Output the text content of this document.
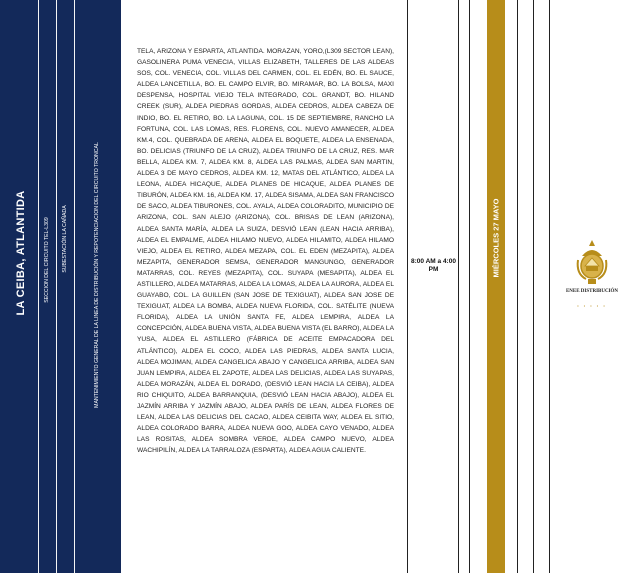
LA CEIBA, ATLANTIDA	SECCION DEL CIRCUITO TEL-L309 SUBESTACIÓN LA CAÑADA	MANTENIMIENTO GENERAL DE LA LINEA DE DISTRIBUCIÓN Y REPOTENCIACION DEL CIRCUITO TRONCAL
TELA, ARIZONA Y ESPARTA, ATLANTIDA. MORAZAN, YORO,(L309 SECTOR LEAN), GASOLINERA PUMA VENECIA, VILLAS ELIZABETH, TALLERES DE LAS ALDEAS SOS, COL. VENECIA, COL. VILLAS DEL CARMEN, COL. EL EDÉN, BO. EL SAUCE, ALDEA LANCETILLA, BO. EL CAMPO ELVIR, BO. MIRAMAR, BO. LA BOLSA, MAXI DESPENSA, HOSPITAL VIEJO TELA INTEGRADO, COL. GRANDT, BO. HILAND CREEK (SUR), ALDEA PIEDRAS GORDAS, ALDEA CEDROS, ALDEA CABEZA DE INDIO, BO. EL RETIRO, BO. LA LAGUNA, COL. 15 DE SEPTIEMBRE, RANCHO LA FORTUNA, COL. LAS LOMAS, RES. FLORENS, COL. NUEVO AMANECER, ALDEA KM.4, COL. QUEBRADA DE ARENA, ALDEA EL BOQUETE, ALDEA LA ENSENADA, BO. DELICIAS (TRIUNFO DE LA CRUZ), ALDEA TRIUNFO DE LA CRUZ, RES. MAR BELLA, ALDEA KM. 7, ALDEA KM. 8, ALDEA LAS PALMAS, ALDEA SAN MARTIN, ALDEA 3 DE MAYO CEDROS, ALDEA KM. 12, MATAS DEL ATLÁNTICO, ALDEA LA LEONA, ALDEA HICAQUE, ALDEA PLANES DE HICAQUE, ALDEA PLANES DE TIBURÓN, ALDEA KM. 16, ALDEA KM. 17, ALDEA SISAMA, ALDEA SAN FRANCISCO DE SACO, ALDEA TIBURONES, COL. AYALA, ALDEA COLORADITO, MUNICIPIO DE ARIZONA, COL. SAN ALEJO (ARIZONA), COL. BRISAS DE LEAN (ARIZONA), ALDEA SANTA MARÍA, ALDEA LA SUIZA, DESVIÓ LEAN (LEAN HACIA ARRIBA), ALDEA EL EMPALME, ALDEA HILAMO NUEVO, ALDEA HILAMITO, ALDEA HILAMO VIEJO, ALDEA EL RETIRO, ALDEA MEZAPA, COL. EL EDEN (MEZAPITA), ALDEA MEZAPITA, GENERADOR SEMSA, GENERADOR MANGUNGO, GENERADOR MATARRAS, COL. REYES (MEZAPITA), COL. SUYAPA (MESAPITA), ALDEA EL ASTILLERO, ALDEA MATARRAS, ALDEA LA LOMAS, ALDEA LA AURORA, ALDEA EL GUAYABO, COL. LA GUILLEN (SAN JOSE DE TEXIGUAT), ALDEA SAN JOSE DE TEXIGUAT, ALDEA LA BOMBA, ALDEA NUEVA FLORIDA, COL. SATÉLITE (NUEVA FLORIDA), ALDEA LA UNIÓN SANTA FE, ALDEA LEMPIRA, ALDEA LA CONCEPCIÓN, ALDEA BUENA VISTA, ALDEA BUENA VISTA (EL BARRO), ALDEA LA YUSA, ALDEA EL ASTILLERO (FÁBRICA DE ACEITE EMPACADORA DEL ATLÁNTICO), ALDEA EL COCO, ALDEA LAS PIEDRAS, ALDEA SANTA LUCIA, ALDEA MOJIMAN, ALDEA CANGELICA ABAJO Y CANGELICA ARRIBA, ALDEA SAN JUAN LEMPIRA, ALDEA EL ZAPOTE, ALDEA LAS DELICIAS, ALDEA LAS SUYAPAS, ALDEA MORAZÁN, ALDEA EL DORADO, (DESVIÓ LEAN HACIA LA CEIBA), ALDEA RIO CHIQUITO, ALDEA BARRANQUIA, (DESVIÓ LEAN HACIA ABAJO), ALDEA EL JAZMÍN ARRIBA Y JAZMÍN ABAJO, ALDEA PARÍS DE LEAN, ALDEA FLORES DE LEAN, ALDEA LAS DELICIAS DEL CACAO, ALDEA CEIBITA WAY, ALDEA EL SITIO, ALDEA COLORADO BARRA, ALDEA NUEVA GOO, ALDEA CAYO VENADO, ALDEA LAS ROSITAS, ALDEA SOMBRA VERDE, ALDEA CAMPO NUEVO, ALDEA WACHIPILÍN, ALDEA LA TARRALOZA (ESPARTA), ALDEA AGUA CALIENTE.
8:00 AM a 4:00 PM	MIÉRCOLES 27 MAYO
ENEE DISTRIBUCIÓN
• • • • •
